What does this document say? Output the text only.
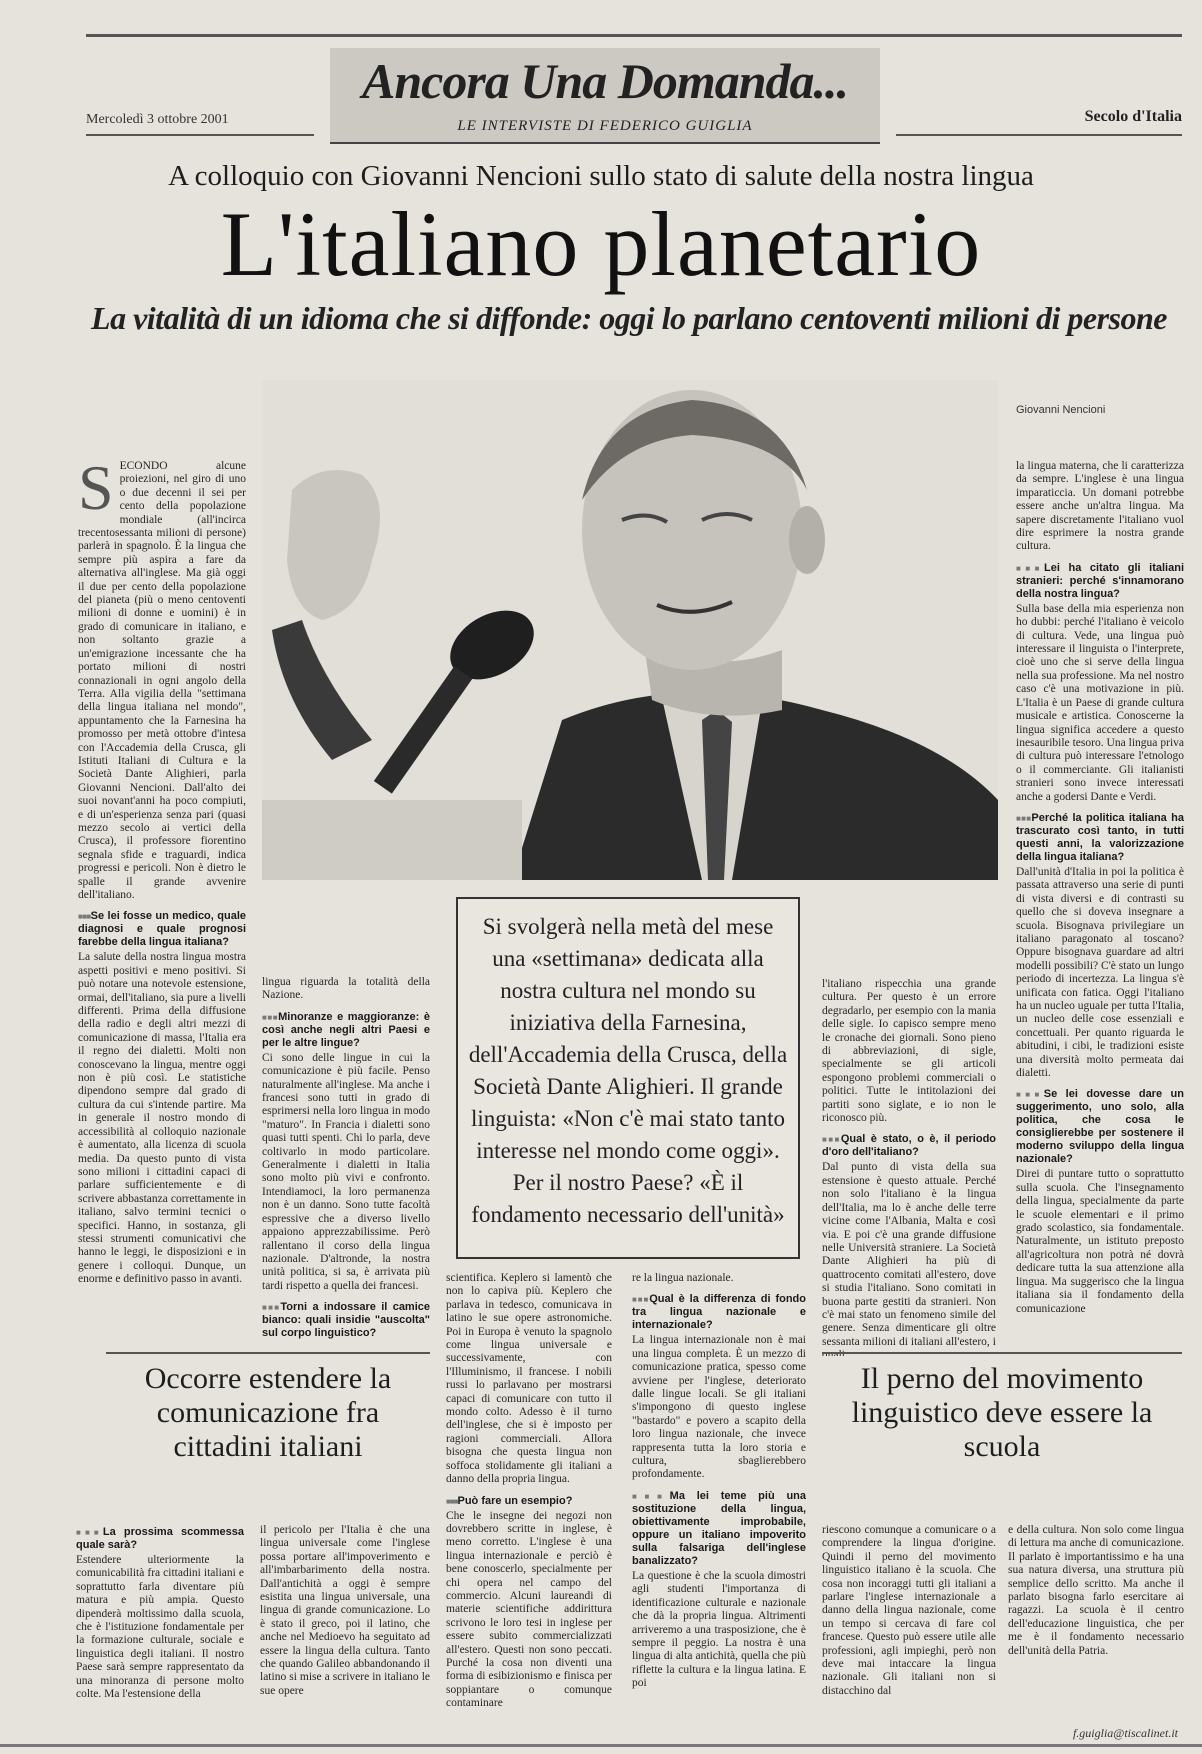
Ancora Una Domanda...
LE INTERVISTE DI FEDERICO GUIGLIA
Mercoledì 3 ottobre 2001	Secolo d'Italia
A colloquio con Giovanni Nencioni sullo stato di salute della nostra lingua
L'italiano planetario
La vitalità di un idioma che si diffonde: oggi lo parlano centoventi milioni di persone
Giovanni Nencioni

S ECONDO alcune proiezioni, nel giro di uno o due decenni il sei per cento della popolazione mondiale (all'incirca trecentosessanta milioni di persone) parlerà in spagnolo. È la lingua che sempre più aspira a fare da alternativa all'inglese. Ma già oggi il due per cento della popolazione del pianeta (più o meno centoventi milioni di donne e uomini) è in grado di comunicare in italiano, e non soltanto grazie a un'emigrazione incessante che ha portato milioni di nostri connazionali in ogni angolo della Terra. Alla vigilia della "settimana della lingua italiana nel mondo", appuntamento che la Farnesina ha promosso per metà ottobre d'intesa con l'Accademia della Crusca, gli Istituti Italiani di Cultura e la Società Dante Alighieri, parla Giovanni Nencioni. Dall'alto dei suoi novant'anni ha poco compiuti, e di un'esperienza senza pari (quasi mezzo secolo ai vertici della Crusca), il professore fiorentino segnala sfide e traguardi, indica progressi e pericoli. Non è dietro le spalle il grande avvenire dell'italiano.

■■■ Se lei fosse un medico, quale diagnosi e quale prognosi farebbe della lingua italiana?

La salute della nostra lingua mostra aspetti positivi e meno positivi. Si può notare una notevole estensione, ormai, dell'italiano, sia pure a livelli differenti. Prima della diffusione della radio e degli altri mezzi di comunicazione di massa, l'Italia era il regno dei dialetti. Molti non conoscevano la lingua, mentre oggi non è più così. Le statistiche dipendono sempre dal grado di cultura da cui s'intende partire. Ma in generale il nostro mondo di accessibilità al colloquio nazionale è aumentato, alla licenza di scuola media. Da questo punto di vista sono milioni i cittadini capaci di parlare sufficientemente e di scrivere abbastanza correttamente in italiano, salvo termini tecnici o specifici. Hanno, in sostanza, gli stessi strumenti comunicativi che hanno le leggi, le disposizioni e in genere i colloqui. Dunque, un enorme e definitivo passo in avanti.

lingua riguarda la totalità della Nazione.

■■■ Minoranze e maggioranze: è così anche negli altri Paesi e per le altre lingue?

Ci sono delle lingue in cui la comunicazione è più facile. Penso naturalmente all'inglese. Ma anche i francesi sono tutti in grado di esprimersi nella loro lingua in modo "maturo". In Francia i dialetti sono quasi tutti spenti. Chi lo parla, deve coltivarlo in modo particolare. Generalmente i dialetti in Italia sono molto più vivi e confronto. Intendiamoci, la loro permanenza non è un danno. Sono tutte facoltà espressive che a diverso livello appaiono apprezzabilissime. Però rallentano il corso della lingua nazionale. D'altronde, la nostra unità politica, si sa, è arrivata più tardi rispetto a quella dei francesi.

■■■ Torni a indossare il camice bianco: quali insidie "auscolta" sul corpo linguistico?
Si svolgerà nella metà del mese una «settimana» dedicata alla nostra cultura nel mondo su iniziativa della Farnesina, dell'Accademia della Crusca, della Società Dante Alighieri. Il grande linguista: «Non c'è mai stato tanto interesse nel mondo come oggi». Per il nostro Paese? «È il fondamento necessario dell'unità»

scientifica. Keplero si lamentò che non lo capiva più. Keplero che parlava in tedesco, comunicava in latino le sue opere astronomiche. Poi in Europa è venuto la spagnolo come lingua universale e successivamente, con l'Illuminismo, il francese. I nobili russi lo parlavano per mostrarsi capaci di comunicare con tutto il mondo colto. Adesso è il turno dell'inglese, che si è imposto per ragioni commerciali. Allora bisogna che questa lingua non soffoca stolidamente gli italiani a danno della propria lingua.

■■■ Può fare un esempio?

Che le insegne dei negozi non dovrebbero scritte in inglese, è meno corretto. L'inglese è una lingua internazionale e perciò è bene conoscerlo, specialmente per chi opera nel campo del commercio. Alcuni laureandi di materie scientifiche addirittura scrivono le loro tesi in inglese per essere subito commercializzati all'estero. Questi non sono peccati. Purché la cosa non diventi una forma di esibizionismo e finisca per soppiantare o comunque contaminare

re la lingua nazionale.

■■■ Qual è la differenza di fondo tra lingua nazionale e internazionale?

La lingua internazionale non è mai una lingua completa. È un mezzo di comunicazione pratica, spesso come avviene per l'inglese, deteriorato dalle lingue locali. Se gli italiani s'impongono di questo inglese "bastardo" e povero a scapito della loro lingua nazionale, che invece rappresenta tutta la loro storia e cultura, sbaglierebbero profondamente.

■■■ Ma lei teme più una sostituzione della lingua, obiettivamente improbabile, oppure un italiano impoverito sulla falsariga dell'inglese banalizzato?

La questione è che la scuola dimostri agli studenti l'importanza di identificazione culturale e nazionale che dà la propria lingua. Altrimenti arriveremo a una trasposizione, che è sempre il peggio. La nostra è una lingua di alta antichità, quella che più riflette la cultura e la lingua latina. E poi

l'italiano rispecchia una grande cultura. Per questo è un errore degradarlo, per esempio con la mania delle sigle. Io capisco sempre meno le cronache dei giornali. Sono pieno di abbreviazioni, di sigle, specialmente se gli articoli espongono problemi commerciali o politici. Tutte le intitolazioni dei partiti sono siglate, e io non le riconosco più.

■■■ Qual è stato, o è, il periodo d'oro dell'italiano?

Dal punto di vista della sua estensione è questo attuale. Perché non solo l'italiano è la lingua dell'Italia, ma lo è anche delle terre vicine come l'Albania, Malta e così via. E poi c'è una grande diffusione nelle Università straniere. La Società Dante Alighieri ha più di quattrocento comitati all'estero, dove si studia l'italiano. Sono comitati in buona parte gestiti da stranieri. Non c'è mai stato un fenomeno simile del genere. Senza dimenticare gli oltre sessanta milioni di italiani all'estero, i

la lingua materna, che li caratterizza da sempre. L'inglese è una lingua imparaticcia. Un domani potrebbe essere anche un'altra lingua. Ma sapere discretamente l'italiano vuol dire esprimere la nostra grande cultura.

■■■ Lei ha citato gli italiani stranieri: perché s'innamorano della nostra lingua?

Sulla base della mia esperienza non ho dubbi: perché l'italiano è veicolo di cultura. Vede, una lingua può interessare il linguista o l'interprete, cioè uno che si serve della lingua nella sua professione. Ma nel nostro caso c'è una motivazione in più. L'Italia è un Paese di grande cultura musicale e artistica. Conoscerne la lingua significa accedere a questo inesauribile tesoro. Una lingua priva di cultura può interessare l'etnologo o il commerciante. Gli italianisti stranieri sono invece interessati anche a godersi Dante e Verdi.

■■■ Perché la politica italiana ha trascurato così tanto, in tutti questi anni, la valorizzazione della lingua italiana?

Dall'unità d'Italia in poi la politica è passata attraverso una serie di punti di vista diversi e di contrasti su quello che si doveva insegnare a scuola. Bisognava privilegiare un italiano paragonato al toscano? Oppure bisognava guardare ad altri modelli possibili? C'è stato un lungo periodo di incertezza. La lingua s'è unificata con fatica. Oggi l'italiano ha un nucleo uguale per tutta l'Italia, un nucleo delle cose essenziali e concettuali. Per quanto riguarda le abitudini, i cibi, le tradizioni esiste una diversità molto permeata dai dialetti.

■■■ Se lei dovesse dare un suggerimento, uno solo, alla politica, che cosa le consiglierebbe per sostenere il moderno sviluppo della lingua nazionale?

Direi di puntare tutto o soprattutto sulla scuola. Che l'insegnamento della lingua, specialmente da parte le scuole elementari e il primo grado scolastico, sia fondamentale. Naturalmente, un istituto preposto all'agricoltura non potrà né dovrà dedicare tutta la sua attenzione alla lingua. Ma suggerisco che la lingua italiana sia il fondamento della comunicazione

Occorre estendere la comunicazione fra cittadini italiani
Il perno del movimento linguistico deve essere la scuola
■■■ La prossima scommessa quale sarà?

Estendere ulteriormente la comunicabilità fra cittadini italiani e soprattutto farla diventare più matura e più ampia. Questo dipenderà moltissimo dalla scuola, che è l'istituzione fondamentale per la formazione culturale, sociale e linguistica degli italiani. Il nostro Paese sarà sempre rappresentato da una minoranza di persone molto colte. Ma l'estensione della

il pericolo per l'Italia è che una lingua universale come l'inglese possa portare all'impoverimento e all'imbarbarimento della nostra. Dall'antichità a oggi è sempre esistita una lingua universale, una lingua di grande comunicazione. Lo è stato il greco, poi il latino, che anche nel Medioevo ha seguitato ad essere la lingua della cultura. Tanto che quando Galileo abbandonando il latino si mise a scrivere in italiano le sue opere

riescono comunque a comunicare o a comprendere la lingua d'origine. Quindi il perno del movimento linguistico italiano è la scuola. Che cosa non incoraggi tutti gli italiani a parlare l'inglese internazionale a danno della lingua nazionale, come un tempo si cercava di fare col francese. Questo può essere utile alle professioni, agli impieghi, però non deve mai intaccare la lingua nazionale. Gli italiani non si distacchino dal

e della cultura. Non solo come lingua di lettura ma anche di comunicazione. Il parlato è importantissimo e ha una sua natura diversa, una struttura più semplice dello scritto. Ma anche il parlato bisogna farlo esercitare ai ragazzi. La scuola è il centro dell'educazione linguistica, che per me è il fondamento necessario dell'unità della Patria.

f.guiglia@tiscalinet.it
